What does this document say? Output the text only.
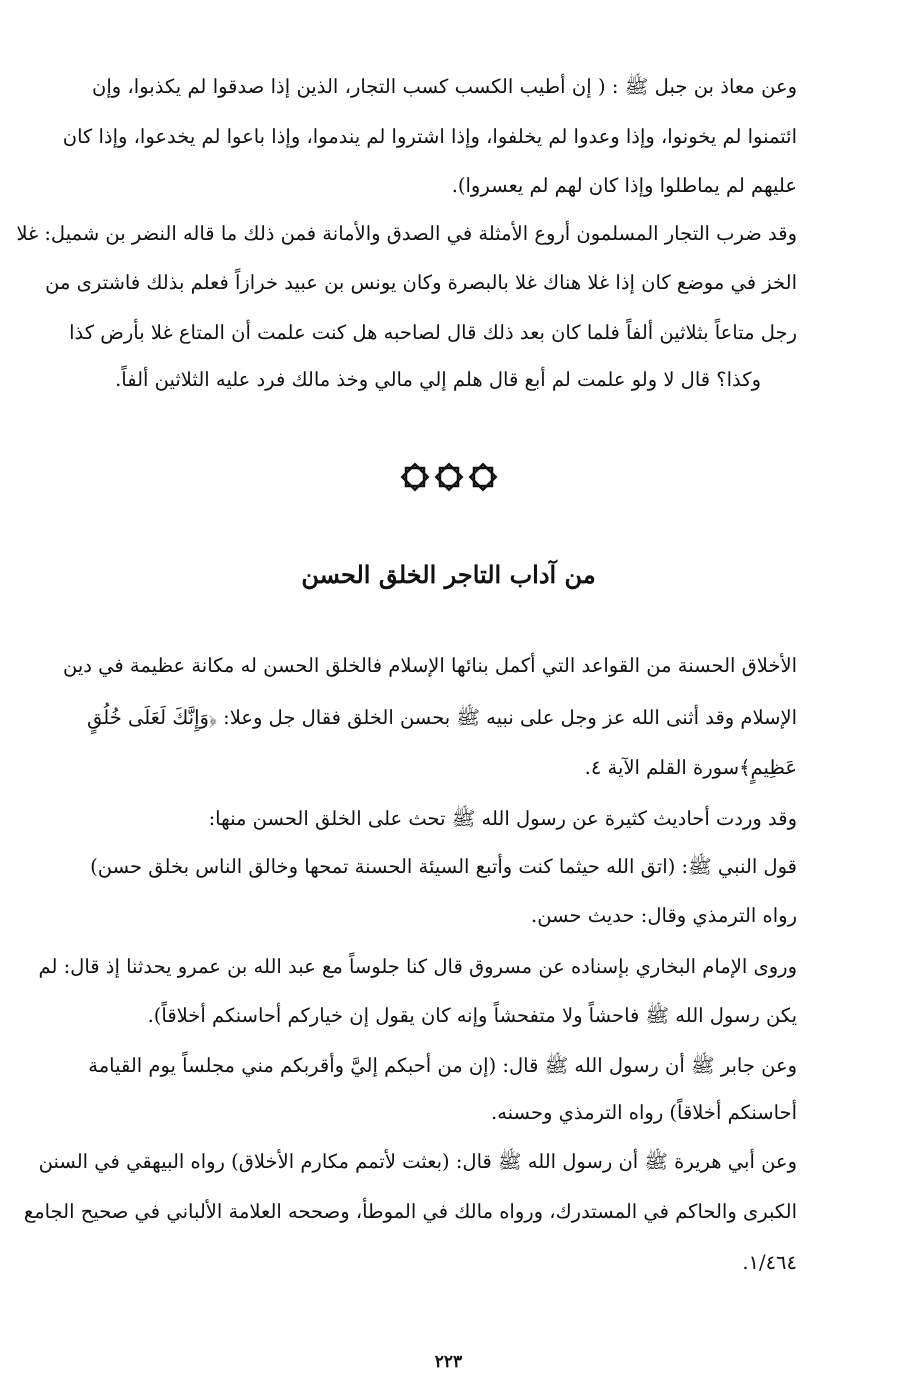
وعن معاذ بن جبل ﷺ : ( إن أطيب الكسب كسب التجار، الذين إذا صدقوا لم يكذبوا، وإن
ائتمنوا لم يخونوا، وإذا وعدوا لم يخلفوا، وإذا اشتروا لم يندموا، وإذا باعوا لم يخدعوا، وإذا كان
عليهم لم يماطلوا وإذا كان لهم لم يعسروا).
وقد ضرب التجار المسلمون أروع الأمثلة في الصدق والأمانة فمن ذلك ما قاله النضر بن شميل: غلا
الخز في موضع كان إذا غلا هناك غلا بالبصرة وكان يونس بن عبيد خرازاً فعلم بذلك فاشترى من
رجل متاعاً بثلاثين ألفاً فلما كان بعد ذلك قال لصاحبه هل كنت علمت أن المتاع غلا بأرض كذا
وكذا؟ قال لا ولو علمت لم أبع قال هلم إلي مالي وخذ مالك فرد عليه الثلاثين ألفاً.
من آداب التاجر الخلق الحسن
الأخلاق الحسنة من القواعد التي أكمل بنائها الإسلام فالخلق الحسن له مكانة عظيمة في دين
الإسلام وقد أثنى الله عز وجل على نبيه ﷺ بحسن الخلق فقال جل وعلا: ﴿وَإِنَّكَ لَعَلَى خُلُقٍ
عَظِيمٍ﴾سورة القلم الآية ٤.
وقد وردت أحاديث كثيرة عن رسول الله ﷺ تحث على الخلق الحسن منها:
قول النبي ﷺ: (اتق الله حيثما كنت وأتبع السيئة الحسنة تمحها وخالق الناس بخلق حسن)
رواه الترمذي وقال: حديث حسن.
وروى الإمام البخاري بإسناده عن مسروق قال كنا جلوساً مع عبد الله بن عمرو يحدثنا إذ قال: لم
يكن رسول الله ﷺ فاحشاً ولا متفحشاً وإنه كان يقول إن خياركم أحاسنكم أخلاقاً).
وعن جابر ﷺ أن رسول الله ﷺ قال: (إن من أحبكم إليَّ وأقربكم مني مجلساً يوم القيامة
أحاسنكم أخلاقاً) رواه الترمذي وحسنه.
وعن أبي هريرة ﷺ أن رسول الله ﷺ قال: (بعثت لأتمم مكارم الأخلاق) رواه البيهقي في السنن
الكبرى والحاكم في المستدرك، ورواه مالك في الموطأ، وصححه العلامة الألباني في صحيح الجامع
١/٤٦٤.
٢٢٣
